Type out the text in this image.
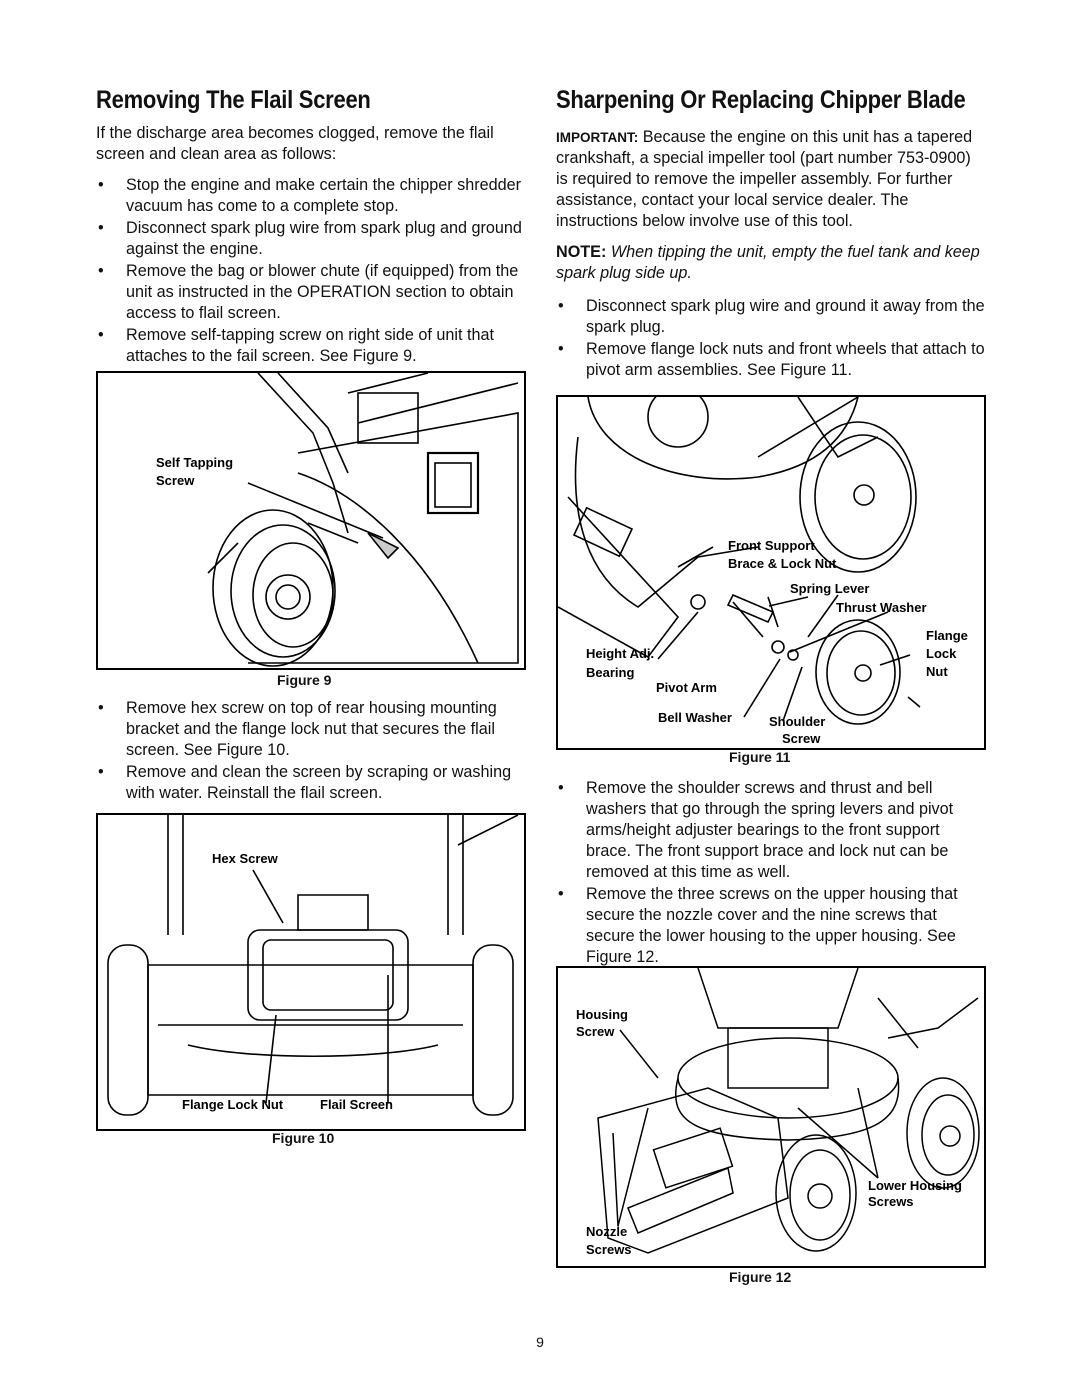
Removing The Flail Screen

If the discharge area becomes clogged, remove the flail screen and clean area as follows:

• Stop the engine and make certain the chipper shredder vacuum has come to a complete stop.
• Disconnect spark plug wire from spark plug and ground against the engine.
• Remove the bag or blower chute (if equipped) from the unit as instructed in the OPERATION section to obtain access to flail screen.
• Remove self-tapping screw on right side of unit that attaches to the fail screen. See Figure 9.
Self Tapping
Screw
Figure 9
• Remove hex screw on top of rear housing mounting bracket and the flange lock nut that secures the flail screen. See Figure 10.
• Remove and clean the screen by scraping or washing with water. Reinstall the flail screen.
Hex Screw
Flange Lock Nut	Flail Screen
Figure 10
Sharpening Or Replacing Chipper Blade

IMPORTANT: Because the engine on this unit has a tapered crankshaft, a special impeller tool (part number 753-0900) is required to remove the impeller assembly. For further assistance, contact your local service dealer. The instructions below involve use of this tool.

NOTE: When tipping the unit, empty the fuel tank and keep spark plug side up.

• Disconnect spark plug wire and ground it away from the spark plug.
• Remove flange lock nuts and front wheels that attach to pivot arm assemblies. See Figure 11.
Front Support
Brace & Lock Nut
Spring Lever
Thrust Washer
Flange
Lock
Nut
Height Adj.
Bearing
Pivot Arm
Bell Washer	Shoulder
Screw
Figure 11
• Remove the shoulder screws and thrust and bell washers that go through the spring levers and pivot arms/height adjuster bearings to the front support brace. The front support brace and lock nut can be removed at this time as well.
• Remove the three screws on the upper housing that secure the nozzle cover and the nine screws that secure the lower housing to the upper housing. See Figure 12.
Housing
Screw
Lower Housing
Screws
Nozzle
Screws
Figure 12
9
